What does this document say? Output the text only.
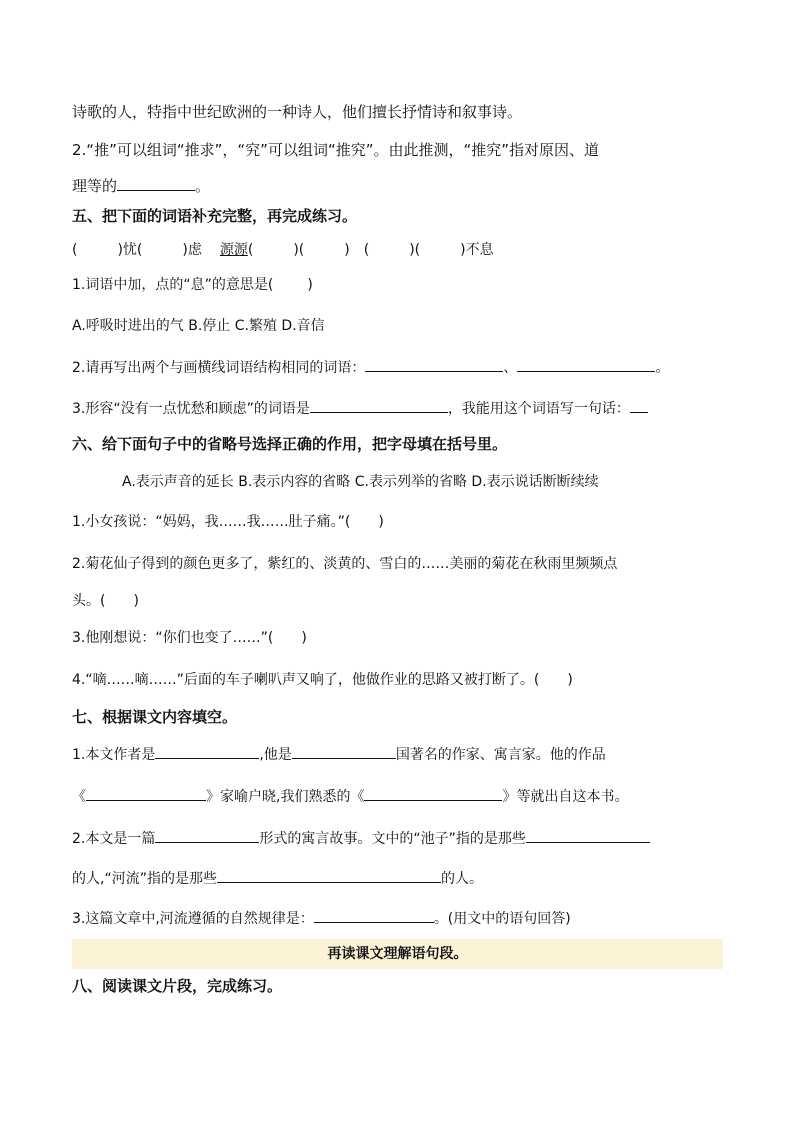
诗歌的人，特指中世纪欧洲的一种诗人，他们擅长抒情诗和叙事诗。
2.“推”可以组词“推求”，“究”可以组词“推究”。由此推测，“推究”指对原因、道
理等的	。
五、把下面的词语补充完整，再完成练习。
(	)忧(	)虑 源源(	)(	) (	)(	)不息
1.词语中加，点的“息”的意思是( )
A.呼吸时进出的气 B.停止 C.繁殖 D.音信
2.请再写出两个与画横线词语结构相同的词语：	、	。
3.形容“没有一点忧愁和顾虑”的词语是	，我能用这个词语写一句话：
六、给下面句子中的省略号选择正确的作用，把字母填在括号里。
A.表示声音的延长 B.表示内容的省略 C.表示列举的省略 D.表示说话断断续续
1.小女孩说：“妈妈，我……我……肚子痛。”( )
2.菊花仙子得到的颜色更多了，紫红的、淡黄的、雪白的……美丽的菊花在秋雨里频频点
头。( )
3.他刚想说：“你们也变了……”( )
4.“嘀……嘀……”后面的车子喇叭声又响了，他做作业的思路又被打断了。( )
七、根据课文内容填空。
1.本文作者是	,他是	国著名的作家、寓言家。他的作品
《	》家喻户晓,我们熟悉的《	》等就出自这本书。
2.本文是一篇	形式的寓言故事。文中的“池子”指的是那些
的人,“河流”指的是那些	的人。
3.这篇文章中,河流遵循的自然规律是：	。(用文中的语句回答)
再读课文理解语句段。
八、阅读课文片段，完成练习。
